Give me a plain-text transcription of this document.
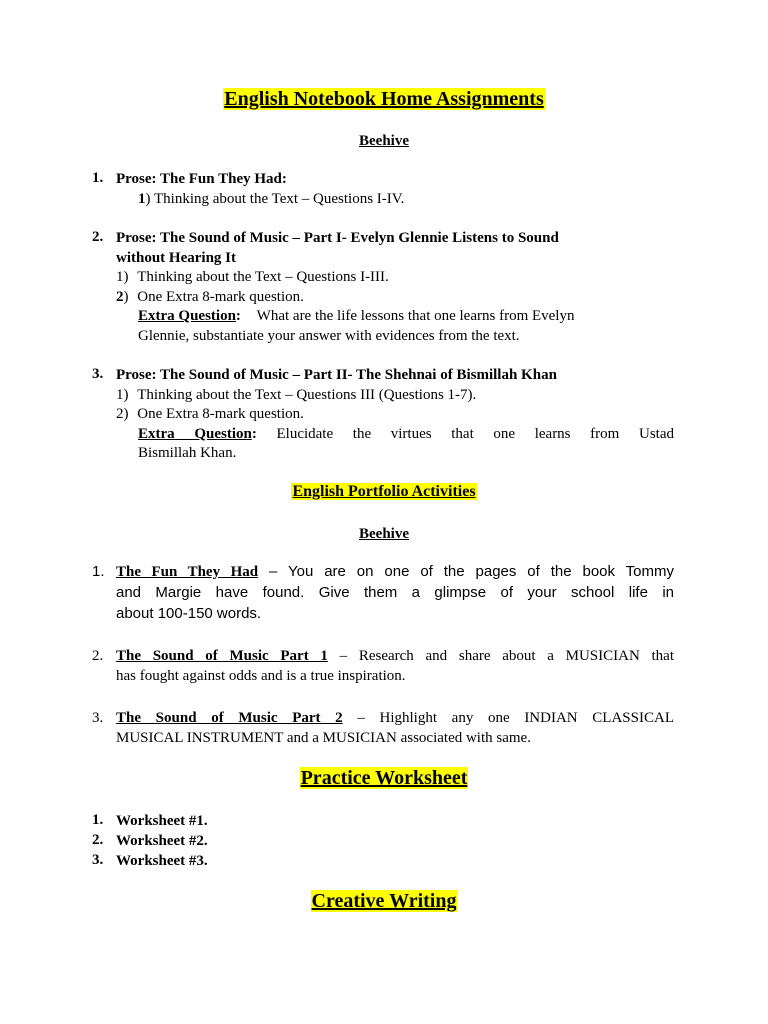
English Notebook Home Assignments
Beehive
1. Prose: The Fun They Had:
1) Thinking about the Text – Questions I-IV.
2. Prose: The Sound of Music – Part I- Evelyn Glennie Listens to Sound
without Hearing It
1) Thinking about the Text – Questions I-III.
2) One Extra 8-mark question.
Extra Question: What are the life lessons that one learns from Evelyn
Glennie, substantiate your answer with evidences from the text.
3. Prose: The Sound of Music – Part II- The Shehnai of Bismillah Khan
1) Thinking about the Text – Questions III (Questions 1-7).
2) One Extra 8-mark question.
Extra Question: Elucidate the virtues that one learns from Ustad
Bismillah Khan.
English Portfolio Activities
Beehive
1. The Fun They Had – You are on one of the pages of the book Tommy
and Margie have found. Give them a glimpse of your school life in
about 100-150 words.
2. The Sound of Music Part 1 – Research and share about a MUSICIAN that
has fought against odds and is a true inspiration.
3. The Sound of Music Part 2 – Highlight any one INDIAN CLASSICAL
MUSICAL INSTRUMENT and a MUSICIAN associated with same.
Practice Worksheet
1. Worksheet #1.
2. Worksheet #2.
3. Worksheet #3.
Creative Writing
